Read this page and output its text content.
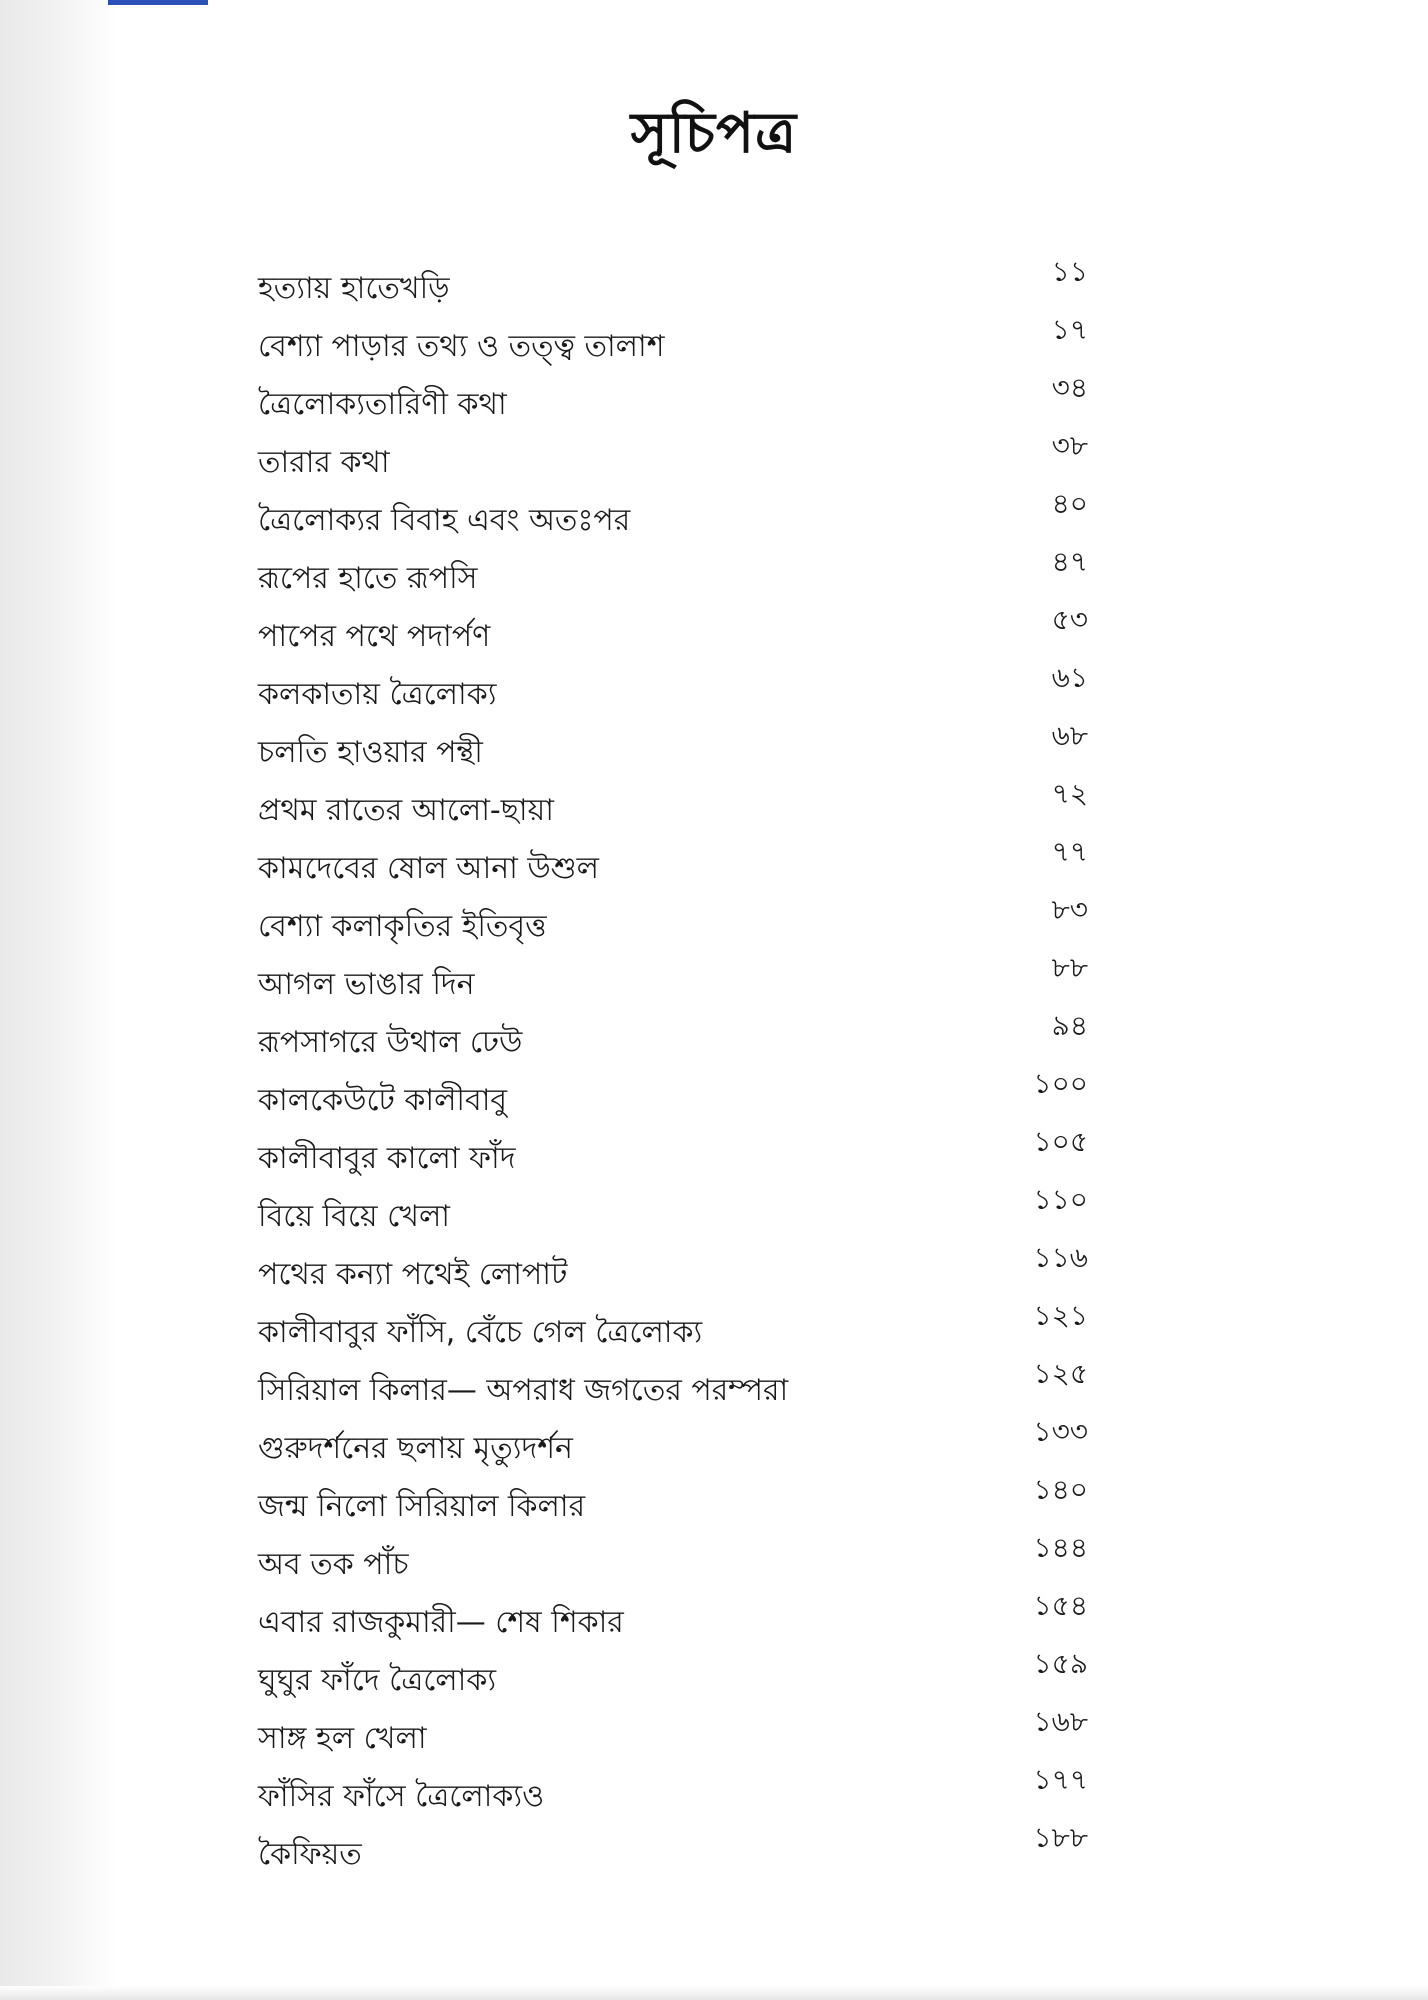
সূচিপত্র
হত্যায় হাতেখড়ি	১১
বেশ্যা পাড়ার তথ্য ও তত্ত্ব তালাশ	১৭
ত্রৈলোক্যতারিণী কথা	৩৪
তারার কথা	৩৮
ত্রৈলোক্যর বিবাহ এবং অতঃপর	৪০
রূপের হাতে রূপসি	৪৭
পাপের পথে পদার্পণ	৫৩
কলকাতায় ত্রৈলোক্য	৬১
চলতি হাওয়ার পন্থী	৬৮
প্রথম রাতের আলো-ছায়া	৭২
কামদেবের ষোল আনা উশুল	৭৭
বেশ্যা কলাকৃতির ইতিবৃত্ত	৮৩
আগল ভাঙার দিন	৮৮
রূপসাগরে উথাল ঢেউ	৯৪
কালকেউটে কালীবাবু	১০০
কালীবাবুর কালো ফাঁদ	১০৫
বিয়ে বিয়ে খেলা	১১০
পথের কন্যা পথেই লোপাট	১১৬
কালীবাবুর ফাঁসি, বেঁচে গেল ত্রৈলোক্য	১২১
সিরিয়াল কিলার— অপরাধ জগতের পরম্পরা	১২৫
গুরুদর্শনের ছলায় মৃত্যুদর্শন	১৩৩
জন্ম নিলো সিরিয়াল কিলার	১৪০
অব তক পাঁচ	১৪৪
এবার রাজকুমারী— শেষ শিকার	১৫৪
ঘুঘুর ফাঁদে ত্রৈলোক্য	১৫৯
সাঙ্গ হল খেলা	১৬৮
ফাঁসির ফাঁসে ত্রৈলোক্যও	১৭৭
কৈফিয়ত	১৮৮
